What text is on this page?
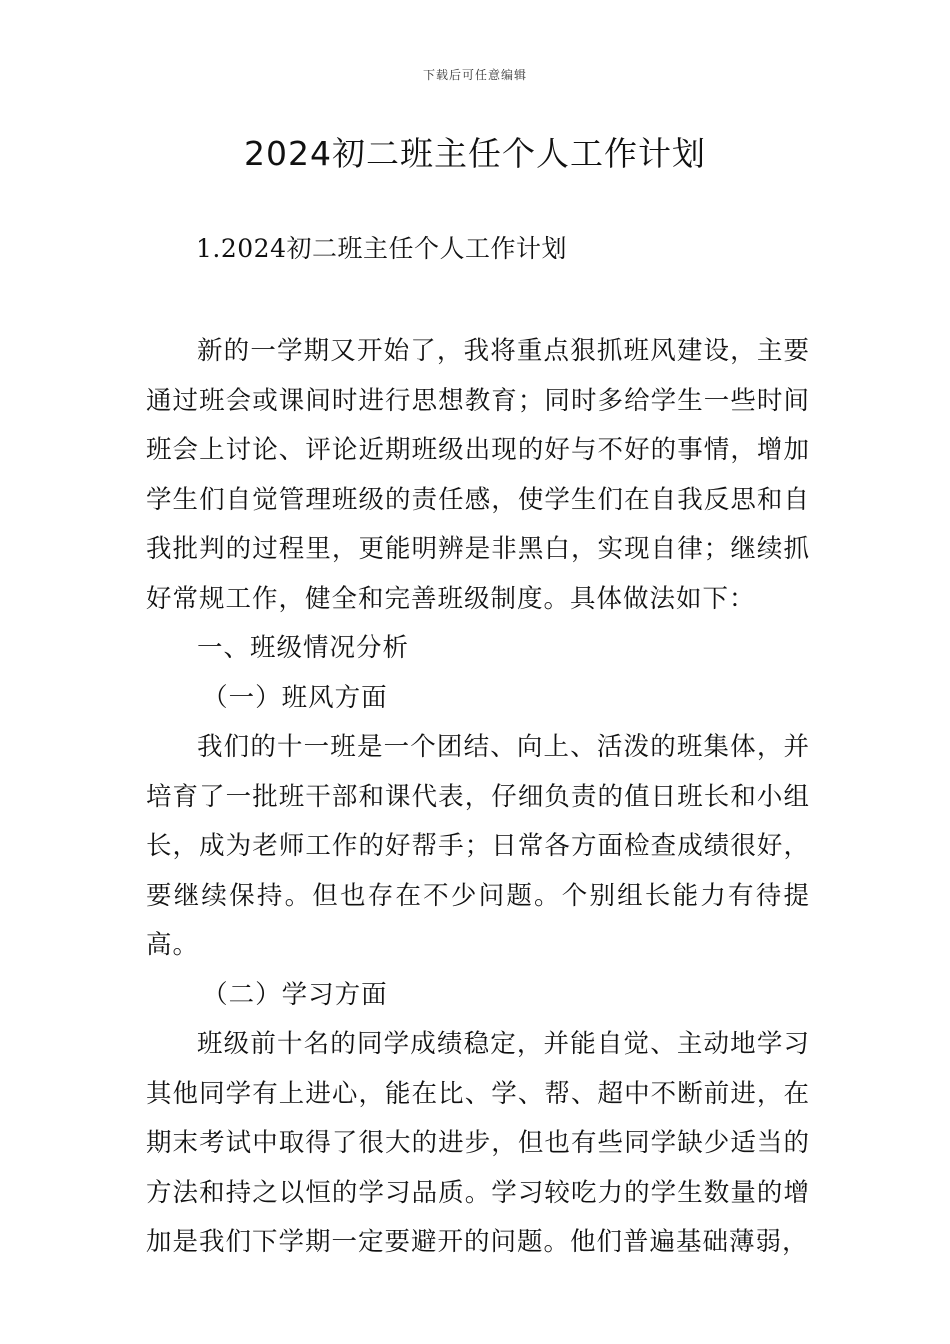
下载后可任意编辑
2024初二班主任个人工作计划
1.2024初二班主任个人工作计划

新的一学期又开始了，我将重点狠抓班风建设，主要通过班会或课间时进行思想教育；同时多给学生一些时间班会上讨论、评论近期班级出现的好与不好的事情，增加学生们自觉管理班级的责任感，使学生们在自我反思和自我批判的过程里，更能明辨是非黑白，实现自律；继续抓好常规工作，健全和完善班级制度。具体做法如下：

一、班级情况分析
（一）班风方面

我们的十一班是一个团结、向上、活泼的班集体，并培育了一批班干部和课代表，仔细负责的值日班长和小组长，成为老师工作的好帮手；日常各方面检查成绩很好，要继续保持。但也存在不少问题。个别组长能力有待提高。

（二）学习方面

班级前十名的同学成绩稳定，并能自觉、主动地学习其他同学有上进心，能在比、学、帮、超中不断前进，在期末考试中取得了很大的进步，但也有些同学缺少适当的方法和持之以恒的学习品质。学习较吃力的学生数量的增加是我们下学期一定要避开的问题。他们普遍基础薄弱，
